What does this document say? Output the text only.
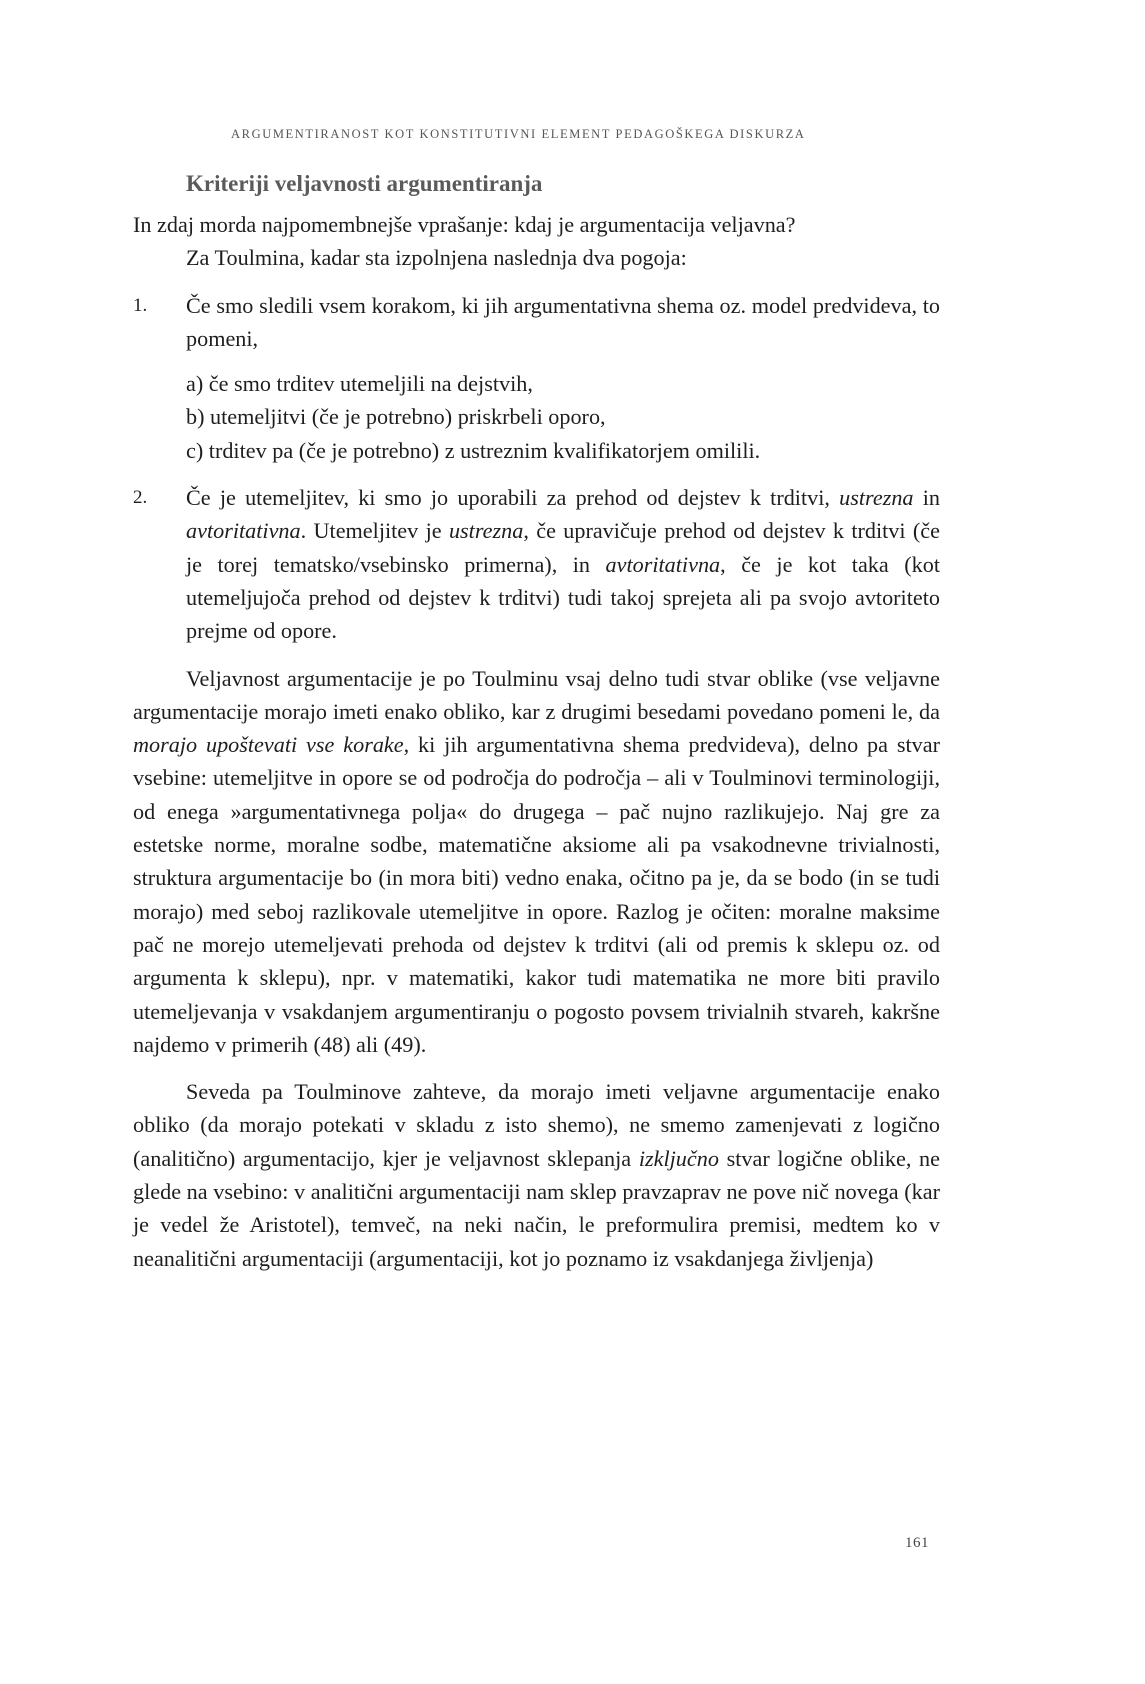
ARGUMENTIRANOST KOT KONSTITUTIVNI ELEMENT PEDAGOŠKEGA DISKURZA
Kriteriji veljavnosti argumentiranja

In zdaj morda najpomembnejše vprašanje: kdaj je argumentacija veljavna?

Za Toulmina, kadar sta izpolnjena naslednja dva pogoja:

1. Če smo sledili vsem korakom, ki jih argumentativna shema oz. model predvideva, to pomeni,

a) če smo trditev utemeljili na dejstvih,

b) utemeljitvi (če je potrebno) priskrbeli oporo,

c) trditev pa (če je potrebno) z ustreznim kvalifikatorjem omilili.

2. Če je utemeljitev, ki smo jo uporabili za prehod od dejstev k trditvi, ustrezna in avtoritativna. Utemeljitev je ustrezna, če upravičuje prehod od dejstev k trditvi (če je torej tematsko/vsebinsko primerna), in avtoritativna, če je kot taka (kot utemeljujoča prehod od dejstev k trditvi) tudi takoj sprejeta ali pa svojo avtoriteto prejme od opore.

Veljavnost argumentacije je po Toulminu vsaj delno tudi stvar oblike (vse veljavne argumentacije morajo imeti enako obliko, kar z drugimi besedami povedano pomeni le, da morajo upoštevati vse korake, ki jih argumentativna shema predvideva), delno pa stvar vsebine: utemeljitve in opore se od področja do področja – ali v Toulminovi terminologiji, od enega »argumentativnega polja« do drugega – pač nujno razlikujejo. Naj gre za estetske norme, moralne sodbe, matematične aksiome ali pa vsakodnevne trivialnosti, struktura argumentacije bo (in mora biti) vedno enaka, očitno pa je, da se bodo (in se tudi morajo) med seboj razlikovale utemeljitve in opore. Razlog je očiten: moralne maksime pač ne morejo utemeljevati prehoda od dejstev k trditvi (ali od premis k sklepu oz. od argumenta k sklepu), npr. v matematiki, kakor tudi matematika ne more biti pravilo utemeljevanja v vsakdanjem argumentiranju o pogosto povsem trivialnih stvareh, kakršne najdemo v primerih (48) ali (49).

Seveda pa Toulminove zahteve, da morajo imeti veljavne argumentacije enako obliko (da morajo potekati v skladu z isto shemo), ne smemo zamenjevati z logično (analitično) argumentacijo, kjer je veljavnost sklepanja izključno stvar logične oblike, ne glede na vsebino: v analitični argumentaciji nam sklep pravzaprav ne pove nič novega (kar je vedel že Aristotel), temveč, na neki način, le preformulira premisi, medtem ko v neanalitični argumentaciji (argumentaciji, kot jo poznamo iz vsakdanjega življenja)

161
